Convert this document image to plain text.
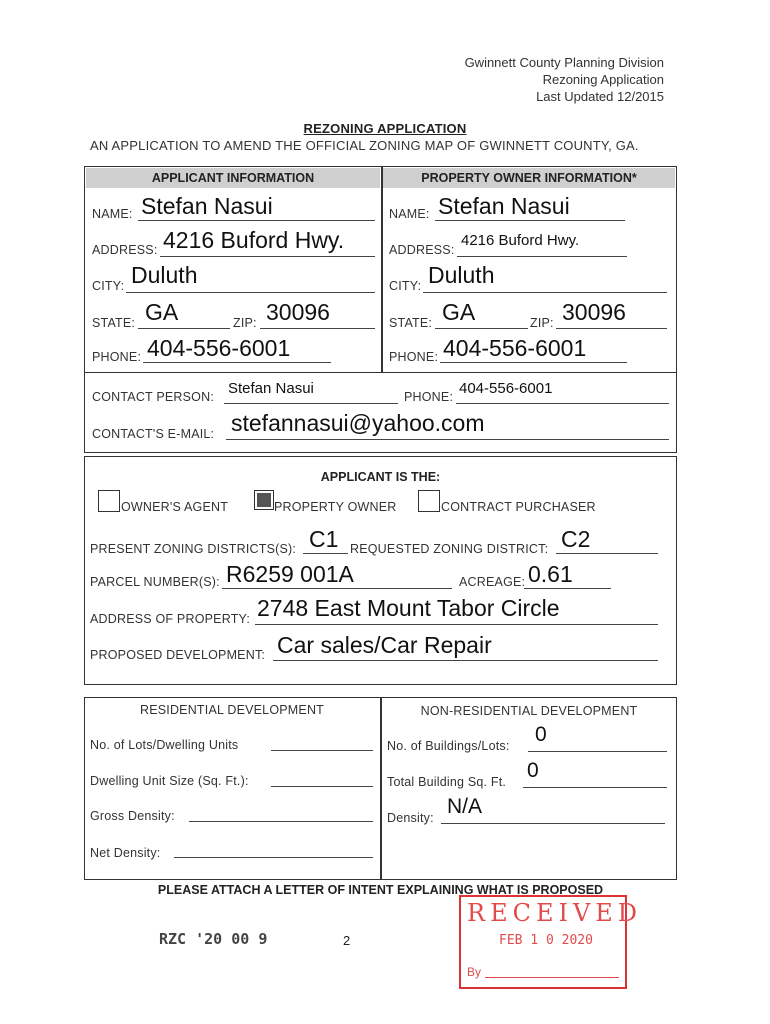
Gwinnett County Planning Division
Rezoning Application
Last Updated 12/2015
REZONING APPLICATION
AN APPLICATION TO AMEND THE OFFICIAL ZONING MAP OF GWINNETT COUNTY, GA.
APPLICANT INFORMATION	PROPERTY OWNER INFORMATION*
NAME: Stefan Nasui
ADDRESS: 4216 Buford Hwy.
CITY: Duluth
STATE: GA	ZIP: 30096
PHONE: 404-556-6001
NAME: Stefan Nasui
ADDRESS:
4216 Buford Hwy.
CITY: Duluth
STATE: GA	ZIP: 30096
PHONE: 404-556-6001
CONTACT PERSON: Stefan Nasui	PHONE: 404-556-6001
CONTACT'S E-MAIL: stefannasui@yahoo.com
APPLICANT IS THE:
OWNER'S AGENT	PROPERTY OWNER	CONTRACT PURCHASER
PRESENT ZONING DISTRICTS(S): C1 REQUESTED ZONING DISTRICT: C2
PARCEL NUMBER(S): R6259 001A	ACREAGE: 0.61
ADDRESS OF PROPERTY: 2748 East Mount Tabor Circle
PROPOSED DEVELOPMENT: Car sales/Car Repair
RESIDENTIAL DEVELOPMENT	NON-RESIDENTIAL DEVELOPMENT
No. of Lots/Dwelling Units
Dwelling Unit Size (Sq. Ft.):
Gross Density:
Net Density:
No. of Buildings/Lots: 0
Total Building Sq. Ft. 0
Density: N/A
PLEASE ATTACH A LETTER OF INTENT EXPLAINING WHAT IS PROPOSED
RZC '20 00 9	2
RECEIVED
FEB 1 0 2020
By
